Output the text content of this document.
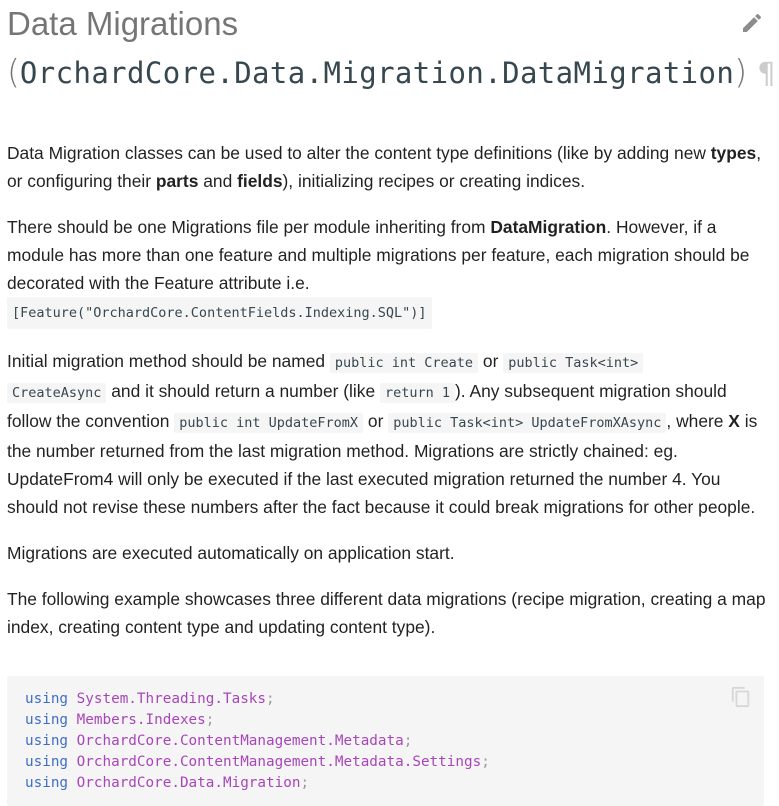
Data Migrations
(OrchardCore.Data.Migration.DataMigration) ¶

Data Migration classes can be used to alter the content type definitions (like by adding new types, or configuring their parts and fields), initializing recipes or creating indices.

There should be one Migrations file per module inheriting from DataMigration. However, if a module has more than one feature and multiple migrations per feature, each migration should be decorated with the Feature attribute i.e.
[Feature("OrchardCore.ContentFields.Indexing.SQL")]

Initial migration method should be named public int Create or public Task<int>
CreateAsync and it should return a number (like return 1 ). Any subsequent migration should follow the convention public int UpdateFromX or public Task<int> UpdateFromXAsync , where X is the number returned from the last migration method. Migrations are strictly chained: eg. UpdateFrom4 will only be executed if the last executed migration returned the number 4. You should not revise these numbers after the fact because it could break migrations for other people.

Migrations are executed automatically on application start.

The following example showcases three different data migrations (recipe migration, creating a map index, creating content type and updating content type).

using System.Threading.Tasks;
using Members.Indexes;
using OrchardCore.ContentManagement.Metadata;
using OrchardCore.ContentManagement.Metadata.Settings;
using OrchardCore.Data.Migration;
